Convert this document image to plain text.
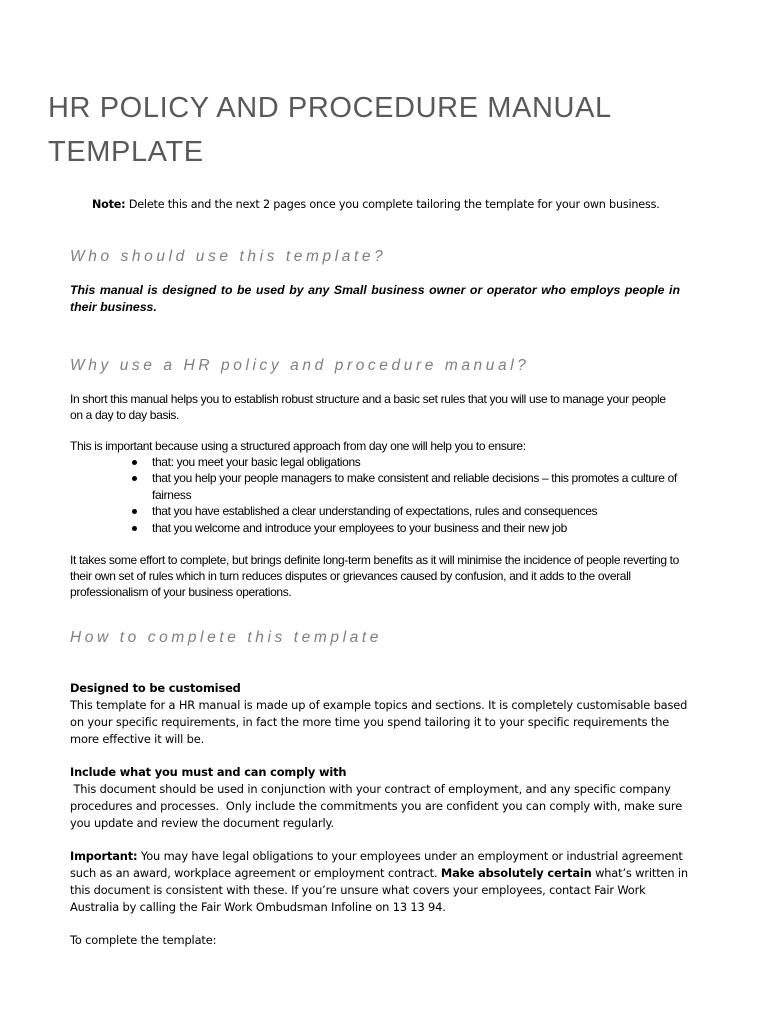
HR POLICY AND PROCEDURE MANUAL TEMPLATE
Note: Delete this and the next 2 pages once you complete tailoring the template for your own business.
Who should use this template?

This manual is designed to be used by any Small business owner or operator who employs people in their business.

Why use a HR policy and procedure manual?

In short this manual helps you to establish robust structure and a basic set rules that you will use to manage your people on a day to day basis.

This is important because using a structured approach from day one will help you to ensure:

that: you meet your basic legal obligations
that you help your people managers to make consistent and reliable decisions – this promotes a culture of fairness
that you have established a clear understanding of expectations, rules and consequences
that you welcome and introduce your employees to your business and their new job

It takes some effort to complete, but brings definite long-term benefits as it will minimise the incidence of people reverting to their own set of rules which in turn reduces disputes or grievances caused by confusion, and it adds to the overall professionalism of your business operations.

How to complete this template
Designed to be customised
This template for a HR manual is made up of example topics and sections. It is completely customisable based on your specific requirements, in fact the more time you spend tailoring it to your specific requirements the more effective it will be.
Include what you must and can comply with
This document should be used in conjunction with your contract of employment, and any specific company procedures and processes.  Only include the commitments you are confident you can comply with, make sure you update and review the document regularly.
Important: You may have legal obligations to your employees under an employment or industrial agreement such as an award, workplace agreement or employment contract. Make absolutely certain what’s written in this document is consistent with these. If you’re unsure what covers your employees, contact Fair Work Australia by calling the Fair Work Ombudsman Infoline on 13 13 94.
To complete the template:
